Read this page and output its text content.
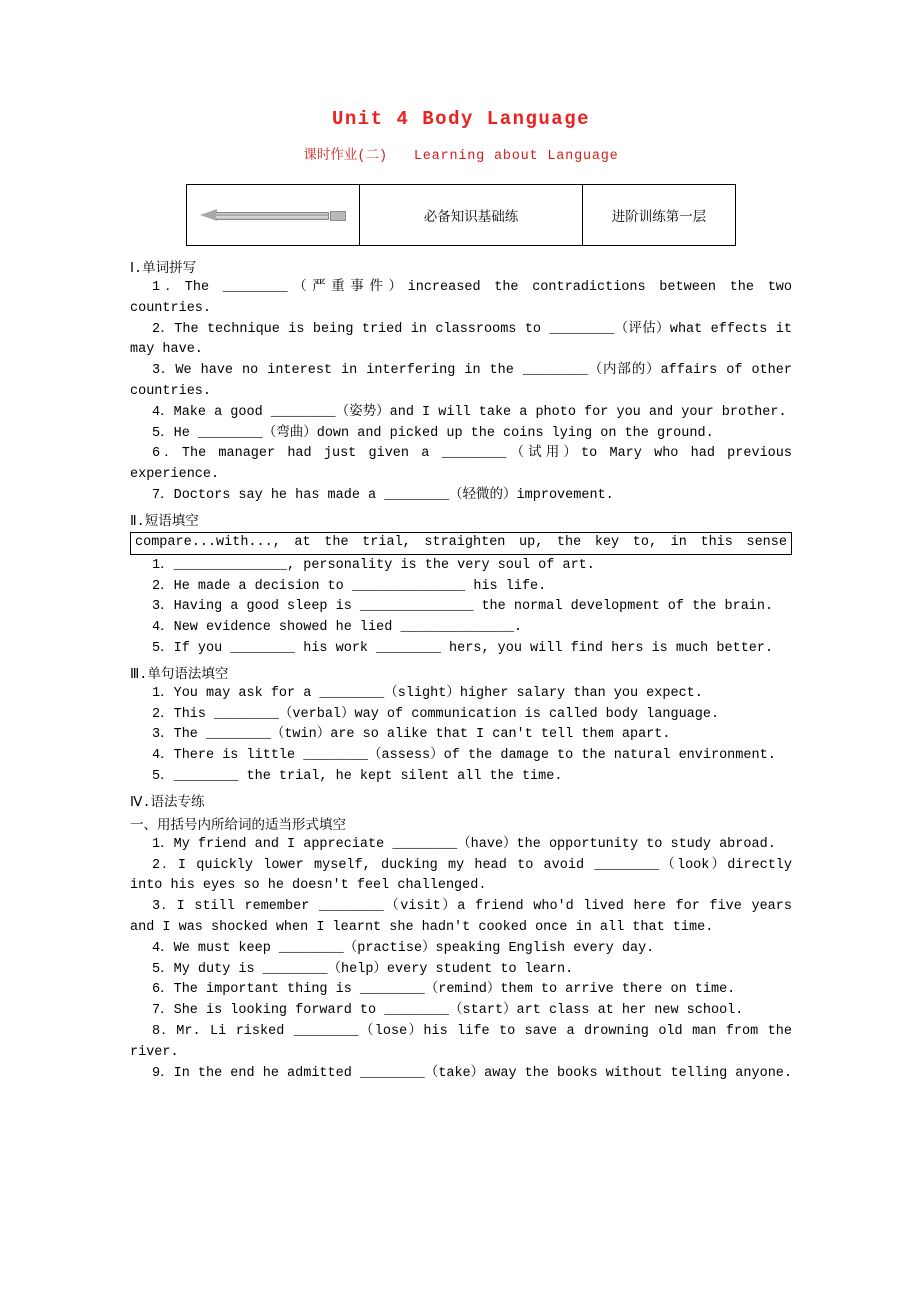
Unit 4 Body Language
课时作业(二) Learning about Language
	必备知识基础练	进阶训练第一层
Ⅰ.单词拼写

1．The ________（严重事件）increased the contradictions between the two countries.

2．The technique is being tried in classrooms to ________（评估）what effects it may have.

3．We have no interest in interfering in the ________（内部的）affairs of other countries.

4．Make a good ________（姿势）and I will take a photo for you and your brother.

5．He ________（弯曲）down and picked up the coins lying on the ground.

6．The manager had just given a ________（试用）to Mary who had previous experience.

7．Doctors say he has made a ________（轻微的）improvement.

Ⅱ.短语填空
compare...with..., at the trial, straighten up, the key to, in this sense

1．______________, personality is the very soul of art.

2．He made a decision to ______________ his life.

3．Having a good sleep is ______________ the normal development of the brain.

4．New evidence showed he lied ______________.

5．If you ________ his work ________ hers, you will find hers is much better.

Ⅲ.单句语法填空

1．You may ask for a ________（slight）higher salary than you expect.

2．This ________（verbal）way of communication is called body language.

3．The ________（twin）are so alike that I can't tell them apart.

4．There is little ________（assess）of the damage to the natural environment.

5．________ the trial, he kept silent all the time.

Ⅳ.语法专练
一、用括号内所给词的适当形式填空

1．My friend and I appreciate ________（have）the opportunity to study abroad.

2．I quickly lower myself, ducking my head to avoid ________（look）directly into his eyes so he doesn't feel challenged.

3．I still remember ________（visit）a friend who'd lived here for five years and I was shocked when I learnt she hadn't cooked once in all that time.

4．We must keep ________（practise）speaking English every day.

5．My duty is ________（help）every student to learn.

6．The important thing is ________（remind）them to arrive there on time.

7．She is looking forward to ________（start）art class at her new school.

8．Mr. Li risked ________（lose）his life to save a drowning old man from the river.

9．In the end he admitted ________（take）away the books without telling anyone.
